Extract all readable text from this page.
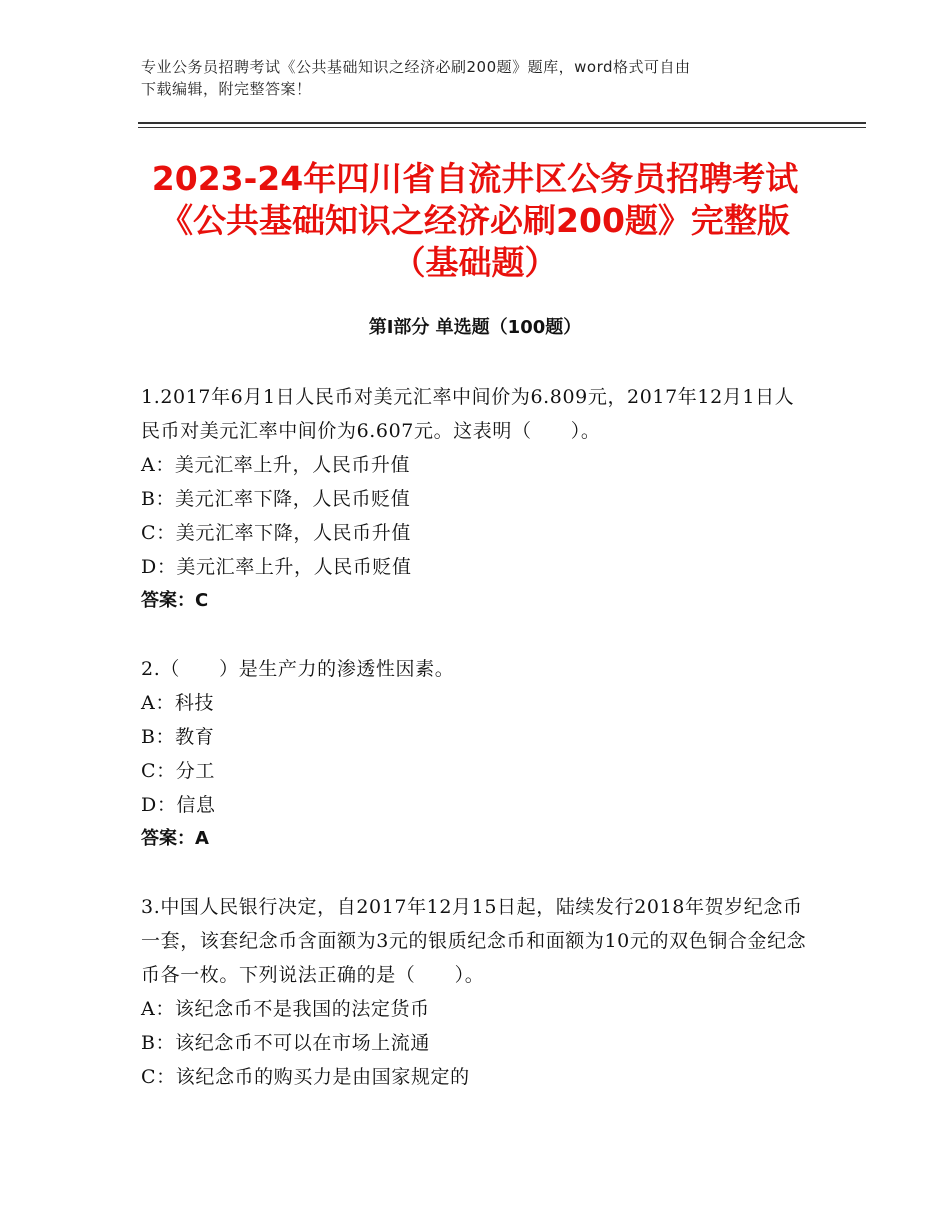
专业公务员招聘考试《公共基础知识之经济必刷200题》题库，word格式可自由
下载编辑，附完整答案！
2023-24年四川省自流井区公务员招聘考试
《公共基础知识之经济必刷200题》完整版
（基础题）
第Ⅰ部分 单选题（100题）

1.2017年6月1日人民币对美元汇率中间价为6.809元，2017年12月1日人民币对美元汇率中间价为6.607元。这表明（　　）。

A：美元汇率上升，人民币升值

B：美元汇率下降，人民币贬值

C：美元汇率下降，人民币升值

D：美元汇率上升，人民币贬值

答案：C

2.（　　）是生产力的渗透性因素。

A：科技

B：教育

C：分工

D：信息

答案：A

3.中国人民银行决定，自2017年12月15日起，陆续发行2018年贺岁纪念币一套，该套纪念币含面额为3元的银质纪念币和面额为10元的双色铜合金纪念币各一枚。下列说法正确的是（　　）。

A：该纪念币不是我国的法定货币

B：该纪念币不可以在市场上流通

C：该纪念币的购买力是由国家规定的
